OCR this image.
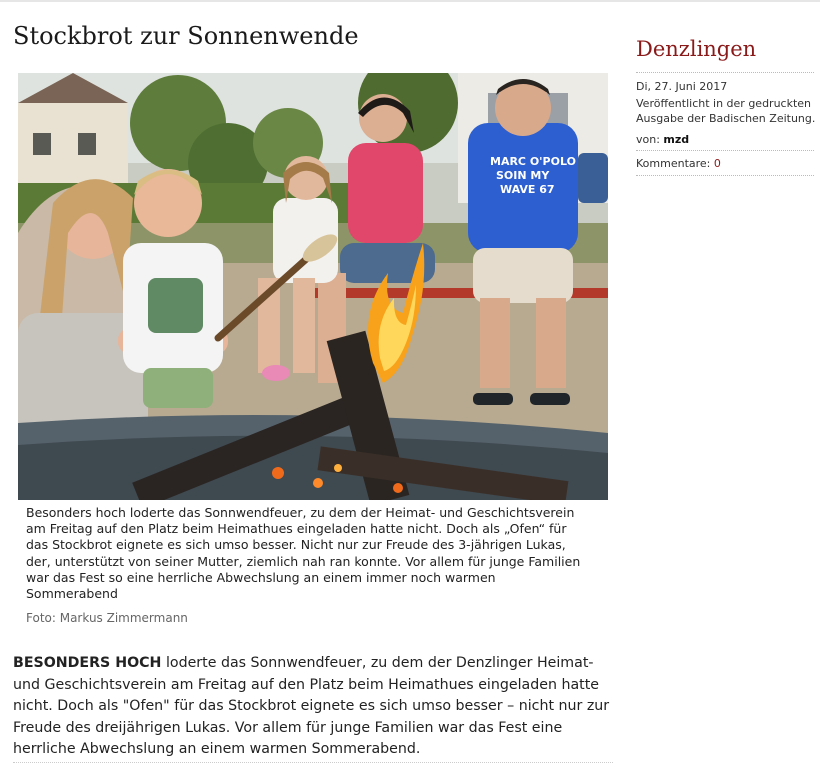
Stockbrot zur Sonnenwende
MARC O'POLO
SOIN MY
WAVE 67
Besonders hoch loderte das Sonnwendfeuer, zu dem der Heimat- und Geschichtsverein am Freitag auf den Platz beim Heimathues eingeladen hatte nicht. Doch als „Ofen“ für das Stockbrot eignete es sich umso besser. Nicht nur zur Freude des 3-jährigen Lukas, der, unterstützt von seiner Mutter, ziemlich nah ran konnte. Vor allem für junge Familien war das Fest so eine herrliche Abwechslung an einem immer noch warmen Sommerabend
Foto: Markus Zimmermann

BESONDERS HOCH loderte das Sonnwendfeuer, zu dem der Denzlinger Heimat- und Geschichtsverein am Freitag auf den Platz beim Heimathues eingeladen hatte nicht. Doch als "Ofen" für das Stockbrot eignete es sich umso besser – nicht nur zur Freude des dreijährigen Lukas. Vor allem für junge Familien war das Fest eine herrliche Abwechslung an einem warmen Sommerabend.

Denzlingen
Di, 27. Juni 2017
Veröffentlicht in der gedruckten Ausgabe der Badischen Zeitung.
von: mzd
Kommentare: 0
